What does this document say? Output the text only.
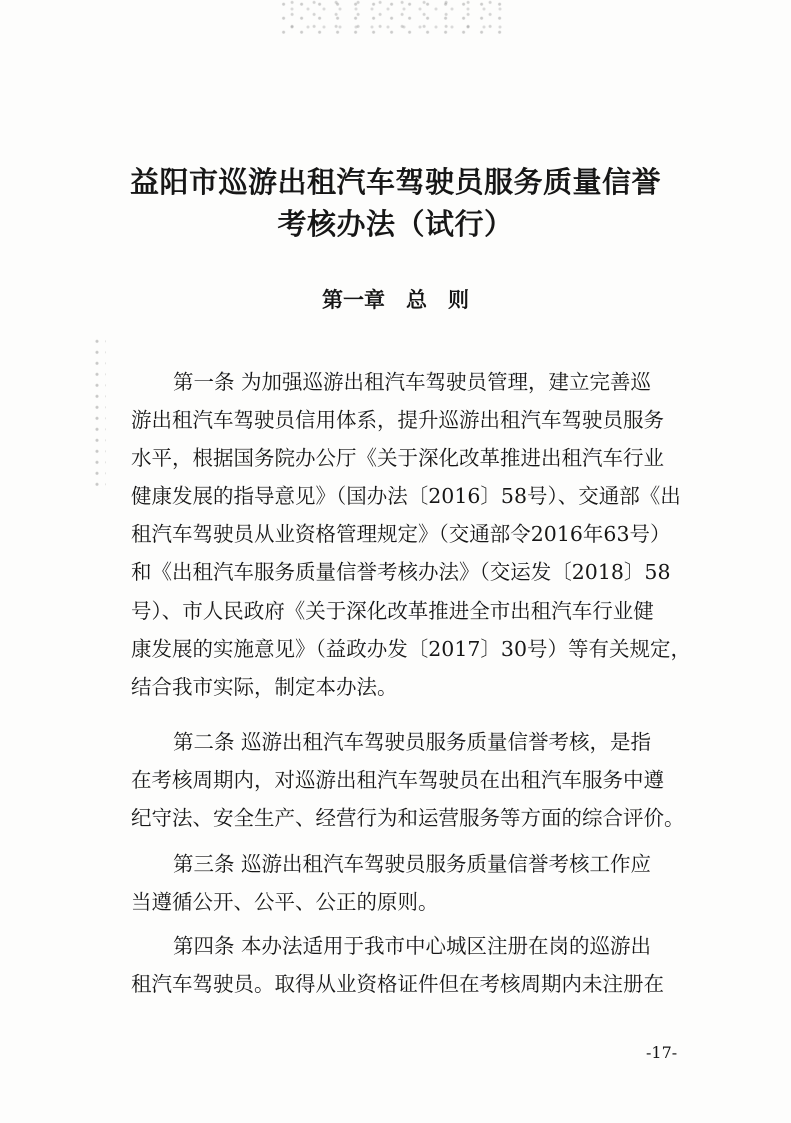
益阳市巡游出租汽车驾驶员服务质量信誉
考核办法（试行）
第一章　 总　则
第一条 为加强巡游出租汽车驾驶员管理，建立完善巡
游出租汽车驾驶员信用体系，提升巡游出租汽车驾驶员服务
水平，根据国务院办公厅《关于深化改革推进出租汽车行业
健康发展的指导意见》（国办法〔2016〕58号）、交通部《出
租汽车驾驶员从业资格管理规定》（交通部令2016年63号）
和《出租汽车服务质量信誉考核办法》（交运发〔2018〕58
号）、市人民政府《关于深化改革推进全市出租汽车行业健
康发展的实施意见》（益政办发〔2017〕30号）等有关规定，
结合我市实际，制定本办法。
第二条 巡游出租汽车驾驶员服务质量信誉考核，是指
在考核周期内，对巡游出租汽车驾驶员在出租汽车服务中遵
纪守法、安全生产、经营行为和运营服务等方面的综合评价。
第三条 巡游出租汽车驾驶员服务质量信誉考核工作应
当遵循公开、公平、公正的原则。
第四条 本办法适用于我市中心城区注册在岗的巡游出
租汽车驾驶员。取得从业资格证件但在考核周期内未注册在
-17-
